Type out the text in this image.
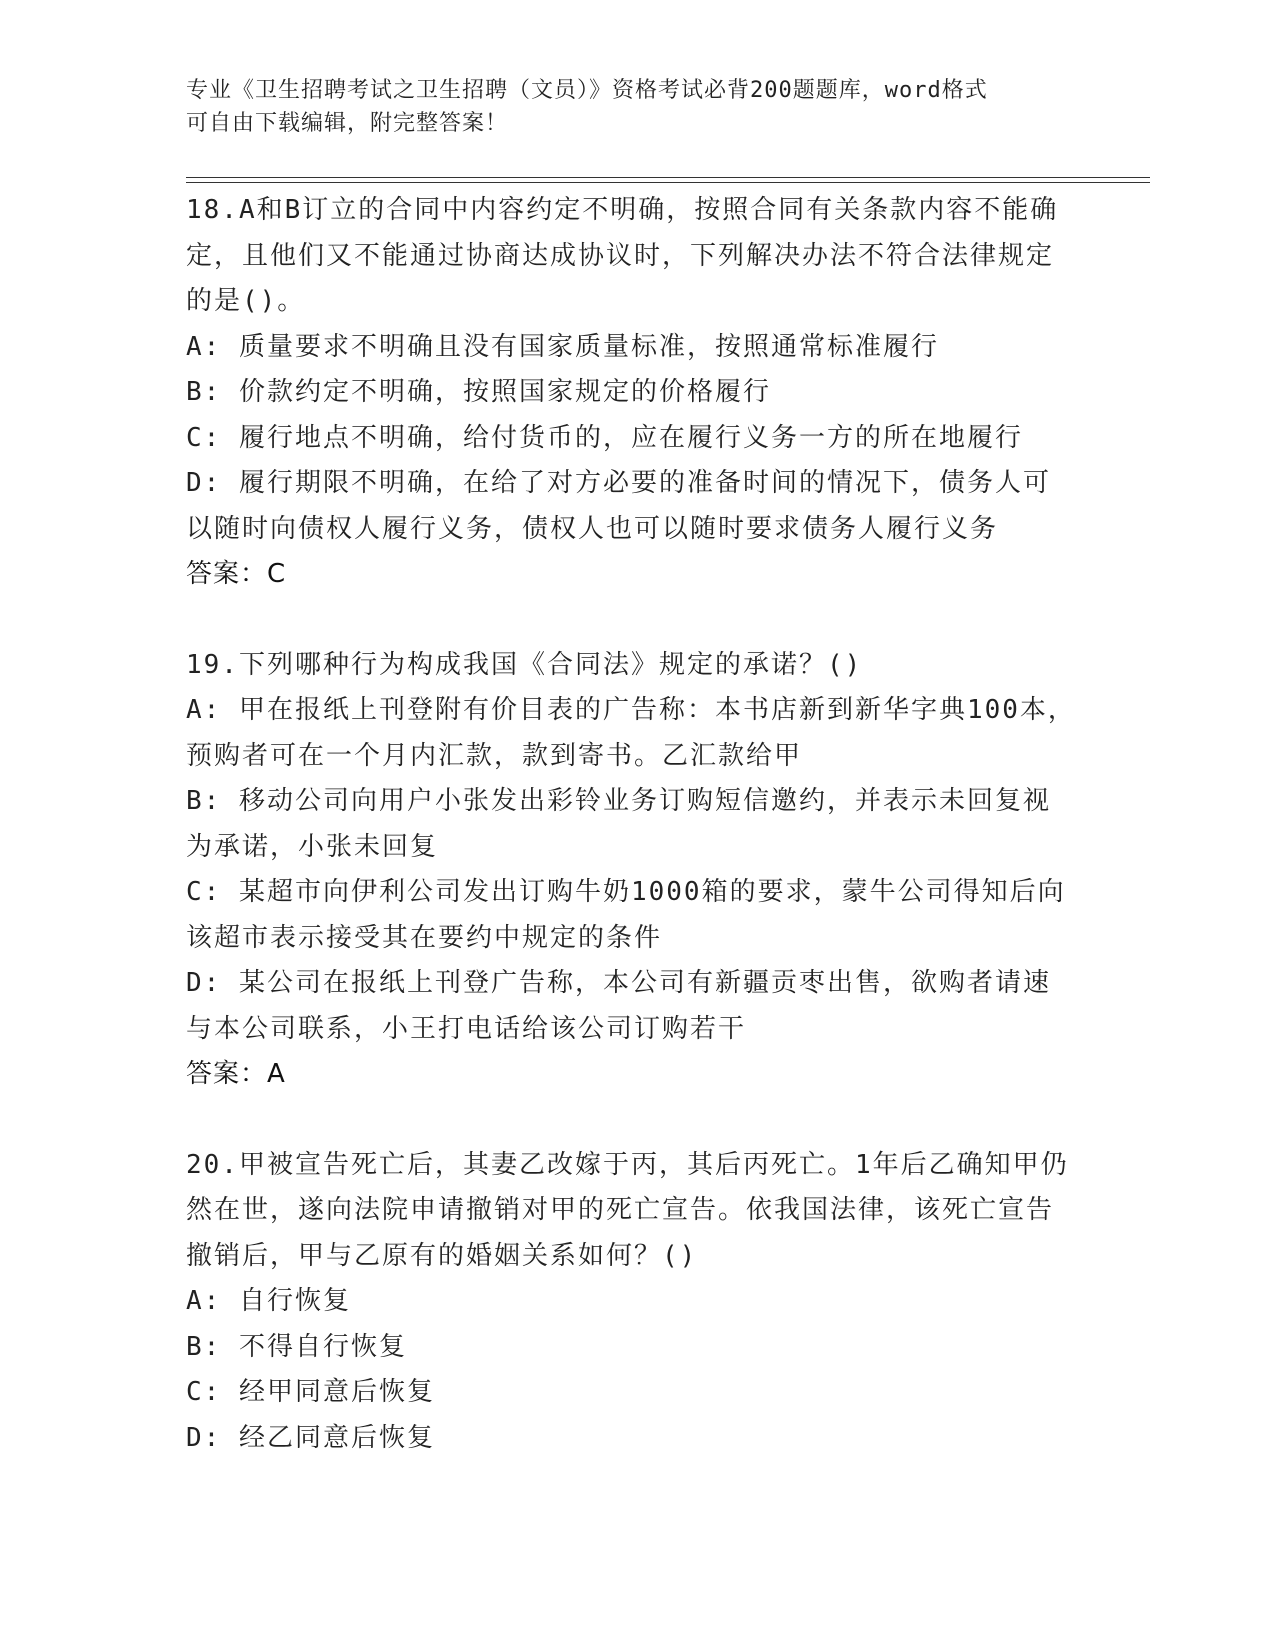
专业《卫生招聘考试之卫生招聘（文员）》资格考试必背200题题库，word格式
可自由下载编辑，附完整答案！
18.A和B订立的合同中内容约定不明确，按照合同有关条款内容不能确定，且他们又不能通过协商达成协议时，下列解决办法不符合法律规定的是()。
A: 质量要求不明确且没有国家质量标准，按照通常标准履行
B: 价款约定不明确，按照国家规定的价格履行
C: 履行地点不明确，给付货币的，应在履行义务一方的所在地履行
D: 履行期限不明确，在给了对方必要的准备时间的情况下，债务人可以随时向债权人履行义务，债权人也可以随时要求债务人履行义务
答案：C
19.下列哪种行为构成我国《合同法》规定的承诺？()
A: 甲在报纸上刊登附有价目表的广告称：本书店新到新华字典100本，预购者可在一个月内汇款，款到寄书。乙汇款给甲
B: 移动公司向用户小张发出彩铃业务订购短信邀约，并表示未回复视为承诺，小张未回复
C: 某超市向伊利公司发出订购牛奶1000箱的要求，蒙牛公司得知后向该超市表示接受其在要约中规定的条件
D: 某公司在报纸上刊登广告称，本公司有新疆贡枣出售，欲购者请速与本公司联系，小王打电话给该公司订购若干
答案：A
20.甲被宣告死亡后，其妻乙改嫁于丙，其后丙死亡。1年后乙确知甲仍然在世，遂向法院申请撤销对甲的死亡宣告。依我国法律，该死亡宣告撤销后，甲与乙原有的婚姻关系如何？()
A: 自行恢复
B: 不得自行恢复
C: 经甲同意后恢复
D: 经乙同意后恢复
